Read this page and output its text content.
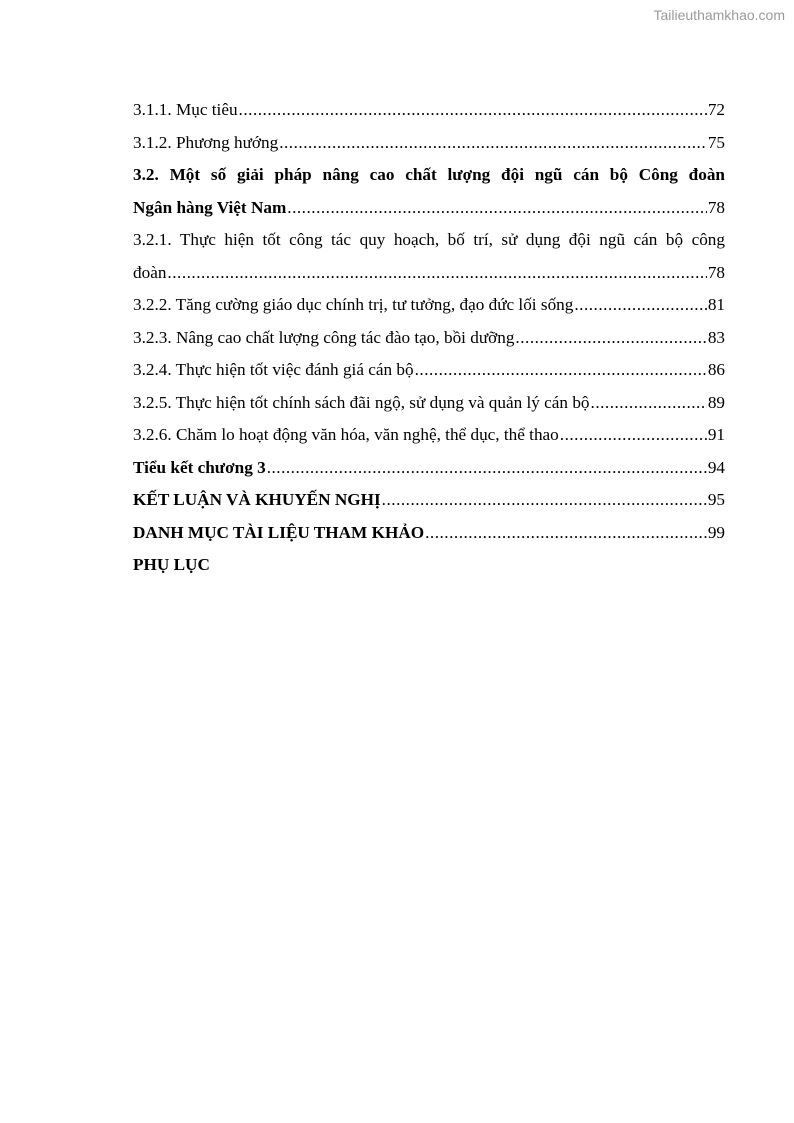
Tailieuthamkhao.com
3.1.1. Mục tiêu .....	72
3.1.2. Phương hướng .....	75
3.2. Một số giải pháp nâng cao chất lượng đội ngũ cán bộ Công đoàn
Ngân hàng Việt Nam .....	78
3.2.1. Thực hiện tốt công tác quy hoạch, bố trí, sử dụng đội ngũ cán bộ công
đoàn .....	78
3.2.2. Tăng cường giáo dục chính trị, tư tưởng, đạo đức lối sống .....	81
3.2.3. Nâng cao chất lượng công tác đào tạo, bồi dưỡng .....	83
3.2.4. Thực hiện tốt việc đánh giá cán bộ .....	86
3.2.5. Thực hiện tốt chính sách đãi ngộ, sử dụng và quản lý cán bộ .....	89
3.2.6. Chăm lo hoạt động văn hóa, văn nghệ, thể dục, thể thao .....	91
Tiểu kết chương 3 .....	94
KẾT LUẬN VÀ KHUYẾN NGHỊ .....	95
DANH MỤC TÀI LIỆU THAM KHẢO .....	99
PHỤ LỤC
